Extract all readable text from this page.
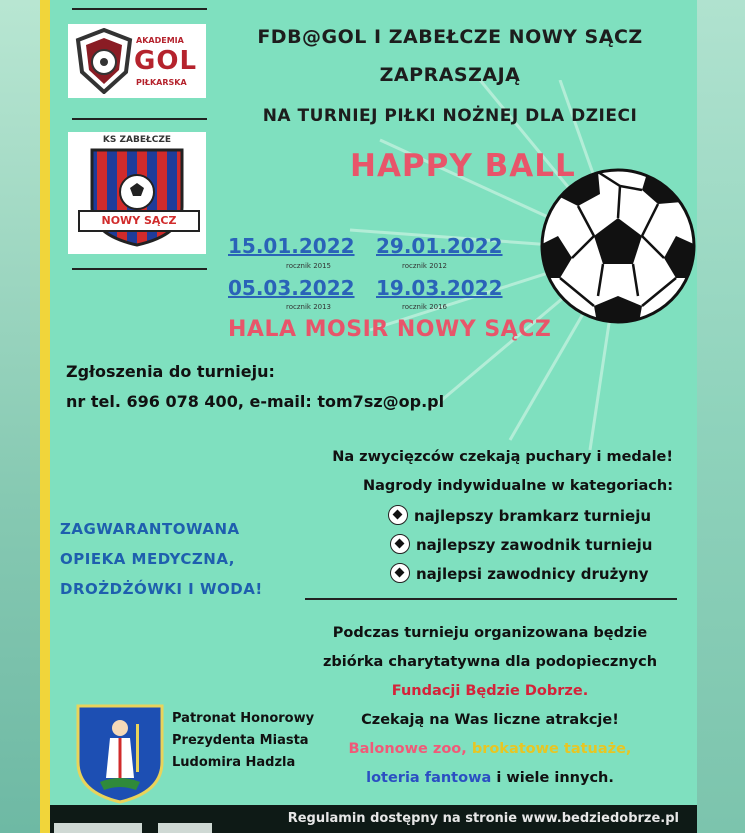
AKADEMIA
GOL
PIŁKARSKA
KS ZABEŁCZE
NOWY SĄCZ
FDB@GOL I ZABEŁCZE NOWY SĄCZ
ZAPRASZAJĄ
NA TURNIEJ PIŁKI NOŻNEJ DLA DZIECI
HAPPY BALL
15.01.2022
rocznik 2015
29.01.2022
rocznik 2012
05.03.2022
rocznik 2013
19.03.2022
rocznik 2016
HALA MOSIR NOWY SĄCZ
Zgłoszenia do turnieju:
nr tel. 696 078 400, e-mail: tom7sz@op.pl
Na zwycięzców czekają puchary i medale!
Nagrody indywidualne w kategoriach:
najlepszy bramkarz turnieju
najlepszy zawodnik turnieju
najlepsi zawodnicy drużyny
ZAGWARANTOWANA
OPIEKA MEDYCZNA,
DROŻDŻÓWKI I WODA!
Podczas turnieju organizowana będzie
zbiórka charytatywna dla podopiecznych
Fundacji Będzie Dobrze.
Czekają na Was liczne atrakcje!
Balonowe zoo, brokatowe tatuaże,
loteria fantowa i wiele innych.
Patronat Honorowy
Prezydenta Miasta
Ludomira Hadzla
Regulamin dostępny na stronie www.bedziedobrze.pl
